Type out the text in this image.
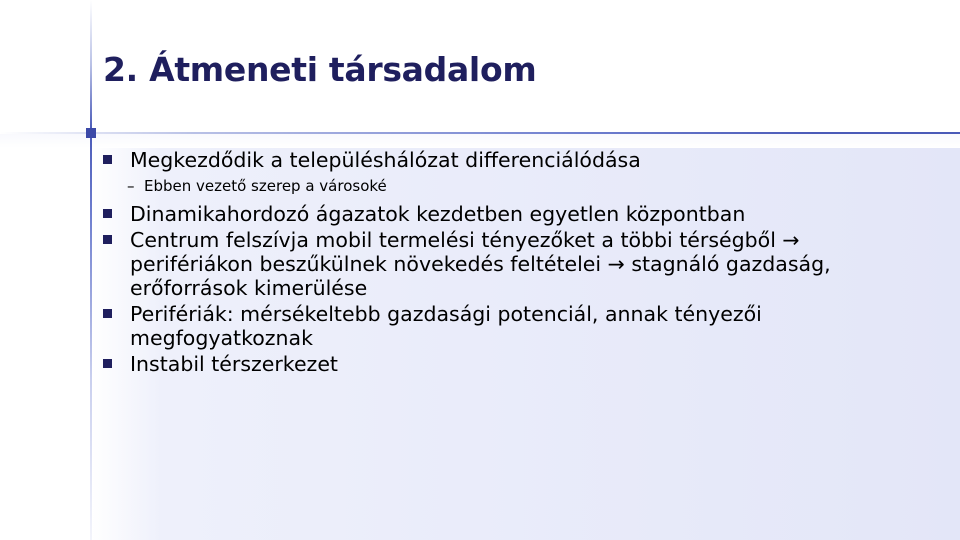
2. Átmeneti társadalom
Megkezdődik a településhálózat differenciálódása
– Ebben vezető szerep a városoké
Dinamikahordozó ágazatok kezdetben egyetlen központban
Centrum felszívja mobil termelési tényezőket a többi térségből →
perifériákon beszűkülnek növekedés feltételei → stagnáló gazdaság,
erőforrások kimerülése
Perifériák: mérsékeltebb gazdasági potenciál, annak tényezői
megfogyatkoznak
Instabil térszerkezet
